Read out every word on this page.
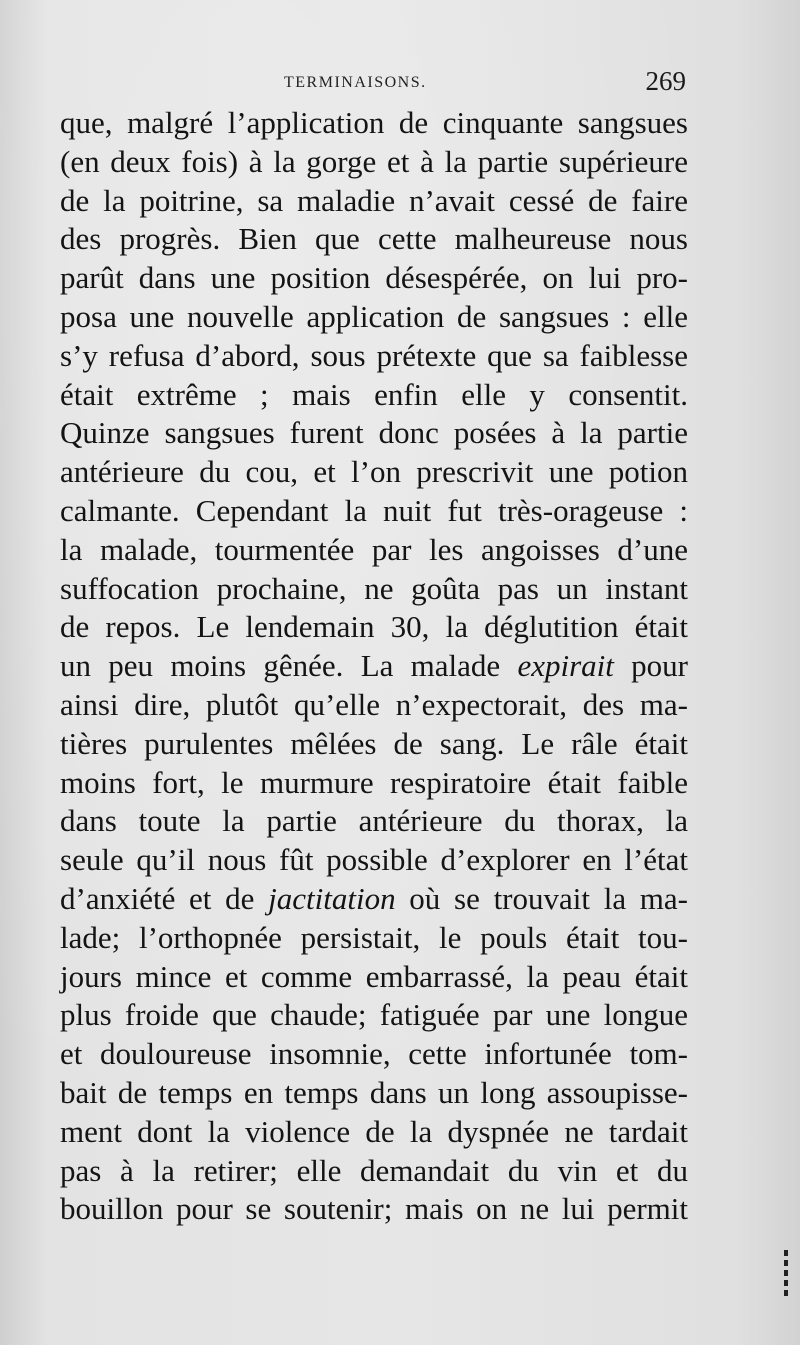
TERMINAISONS.	269
que, malgré l’application de cinquante sangsues
(en deux fois) à la gorge et à la partie supérieure
de la poitrine, sa maladie n’avait cessé de faire
des progrès. Bien que cette malheureuse nous
parût dans une position désespérée, on lui pro-
posa une nouvelle application de sangsues : elle
s’y refusa d’abord, sous prétexte que sa faiblesse
était extrême ; mais enfin elle y consentit.
Quinze sangsues furent donc posées à la partie
antérieure du cou, et l’on prescrivit une potion
calmante. Cependant la nuit fut très-orageuse :
la malade, tourmentée par les angoisses d’une
suffocation prochaine, ne goûta pas un instant
de repos. Le lendemain 30, la déglutition était
un peu moins gênée. La malade expirait pour
ainsi dire, plutôt qu’elle n’expectorait, des ma-
tières purulentes mêlées de sang. Le râle était
moins fort, le murmure respiratoire était faible
dans toute la partie antérieure du thorax, la
seule qu’il nous fût possible d’explorer en l’état
d’anxiété et de jactitation où se trouvait la ma-
lade; l’orthopnée persistait, le pouls était tou-
jours mince et comme embarrassé, la peau était
plus froide que chaude; fatiguée par une longue
et douloureuse insomnie, cette infortunée tom-
bait de temps en temps dans un long assoupisse-
ment dont la violence de la dyspnée ne tardait
pas à la retirer; elle demandait du vin et du
bouillon pour se soutenir; mais on ne lui permit
